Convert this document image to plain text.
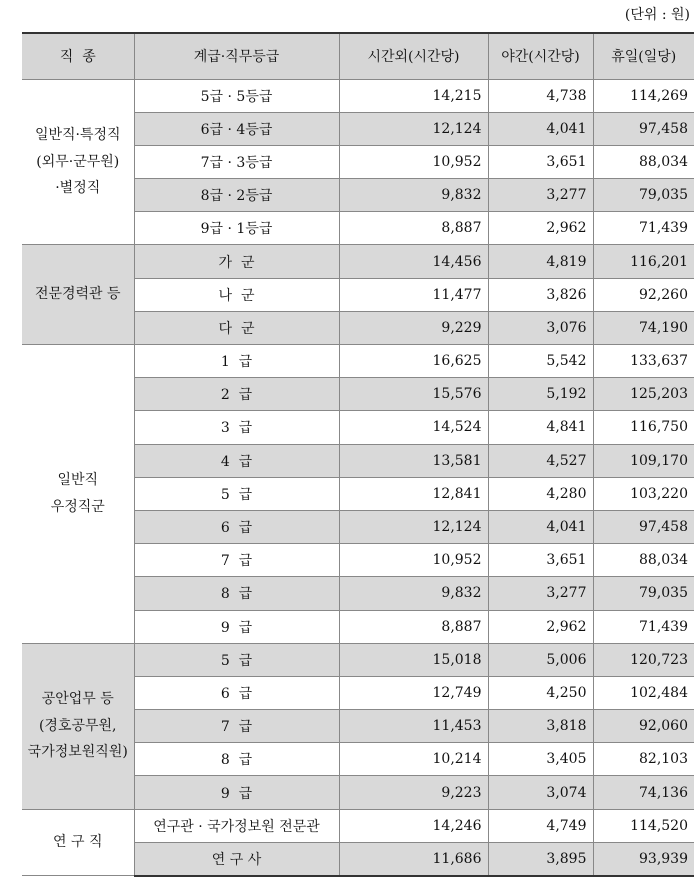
(단위 : 원)
직  종	계급·직무등급	시간외(시간당)	야간(시간당)	휴일(일당)
일반직·특정직
(외무·군무원)
·별정직	5급 · 5등급	14,215	4,738	114,269
	6급 · 4등급	12,124	4,041	97,458
	7급 · 3등급	10,952	3,651	88,034
	8급 · 2등급	9,832	3,277	79,035
	9급 · 1등급	8,887	2,962	71,439
전문경력관 등	가  군	14,456	4,819	116,201
	나  군	11,477	3,826	92,260
	다  군	9,229	3,076	74,190
일반직
우정직군	1  급	16,625	5,542	133,637
	2  급	15,576	5,192	125,203
	3  급	14,524	4,841	116,750
	4  급	13,581	4,527	109,170
	5  급	12,841	4,280	103,220
	6  급	12,124	4,041	97,458
	7  급	10,952	3,651	88,034
	8  급	9,832	3,277	79,035
	9  급	8,887	2,962	71,439
공안업무 등
(경호공무원,
국가정보원직원)	5  급	15,018	5,006	120,723
	6  급	12,749	4,250	102,484
	7  급	11,453	3,818	92,060
	8  급	10,214	3,405	82,103
	9  급	9,223	3,074	74,136
연 구 직	연구관 · 국가정보원 전문관	14,246	4,749	114,520
	연 구 사	11,686	3,895	93,939
